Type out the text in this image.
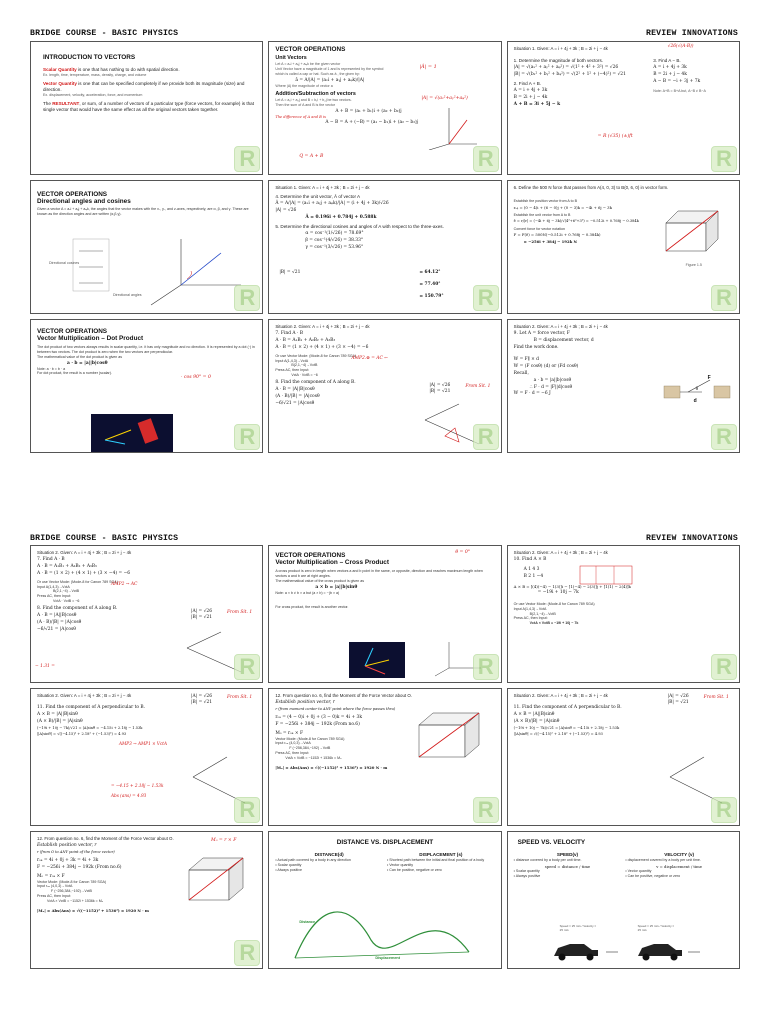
BRIDGE COURSE - BASIC PHYSICS	REVIEW INNOVATIONS
INTRODUCTION TO VECTORS
Scalar Quantity is one that has nothing to do with spatial direction.
Ex. length, time, temperature, mass, density, charge, and volume
Vector Quantity is one that can be specified completely if we provide both its magnitude (size) and direction.
Ex. displacement, velocity, acceleration, force, and momentum
The RESULTANT, or sum, of a number of vectors of a particular type (force vectors, for example) is that single vector that would have the same effect as all the original vectors taken together.
R
VECTOR OPERATIONS
Unit Vectors
Let A = aₓi + aᵧj + aᵩk be the given vector
Unit Vector have a magnitude of 1 and is represented by the symbol
which is called a cap or hat. Such as â , the given by:
â = A/|A| = (aₓi + aᵧj + aᵩk)/|A|
Where |A| the magnitude of vector a
Addition/Subtraction of vectors
Let A = a₁i + a₂j and B = b₁i + b₂j be two vectors.
Then the sum of A and B is the vector
A + B = (a₁ + b₁)i + (a₂ + b₂)j
The difference of A and B is
A − B = A + (−B) = (a₁ − b₁)i + (a₂ − b₂)j
|Â| = 1
|A| = √(aₓ²+aᵧ²+aᵩ²)
Q = A + B	R
Situation 1. Given: A = i + 4j + 3k ; B = 2i + j − 4k
1. Determine the magnitude of both vectors.
|A| = √(aₓ² + aᵧ² + aᵩ²) = √(1² + 4² + 3²) = √26
|B| = √(bₓ² + bᵧ² + bᵩ²) = √(2² + 1² + (−4)²) = √21
2. Find A + B.
A = i + 4j + 3k
B = 2i + j − 4k
A + B = 3i + 5j − k
3. Find A − B.
A = i + 4j + 3k
B = 2i + j − 4k
A − B = −i + 3j + 7k
Note: A+B = B+A but, A−B ≠ B−A
√26(√(A·B))
= R (√35) (±)ft
R
VECTOR OPERATIONS
Directional angles and cosines
Given a vector A = aₓi + aᵧj + aᵩk, the angles that the vector makes with the x-, y-, and z-axes, respectively, are α, β, and γ. These are known as the direction angles and are written (α,β,γ).
Directional cosines
Directional angles	R
Situation 1. Given: A = i + 4j + 3k ; B = 2i + j − 4k
4. Determine the unit vector, Â of vector A
Â = A/|A| = (aₓi + aᵧj + aᵩk)/|A| = (i + 4j + 3k)/√26
|A| = √26
Â = 0.196i + 0.784j + 0.588k
5. Determine the directional cosines and angles of A with respect to the three-axes.
α = cos⁻¹(1/√26) = 78.69°
β = cos⁻¹(4/√26) = 38.33°
γ = cos⁻¹(3/√26) = 53.96°
|B| = √21	= 64.12°
= 77.40°
= 150.79° R
6. Define the 500 N force that passes from A(4, 0, 3) to B(0, 6, 0) in vector form.
Establish the position vector from A to B
rₐᵦ = (0 − 4)i + (6 − 0)j + (0 − 3)k = −4i + 6j − 3k
Establish the unit vector from A to B
ê = r/|r| = (−4i + 6j − 3k)/√(4²+6²+3²) = −0.512i + 0.768j − 0.384k
Convert force for vector notation
F = F(ê) = 500N(−0.512i + 0.768j − 0.384k)
= −256i + 384j − 192k N
Figure 1.5
R
VECTOR OPERATIONS
Vector Multiplication – Dot Product
The dot product of two vectors always results in scalar quantity, i.e. it has only magnitude and no direction. It is represented by a dot (·) in between two vectors. The dot product is zero when the two vectors are perpendicular.
The mathematical value of the dot product is given as
a · b = |a||b|cosθ
Note: a · b = b · a
For dot product, the result is a number (scalar).
· cos 90° = 0
R
Situation 2. Given: A = i + 4j + 3k ; B = 2i + j − 4k
7. Find A · B
A · B = A₁B₁ + A₂B₂ + A₃B₃
A · B = (1 × 2) + (4 × 1) + (3 × −4) = −6
Or use Vector Mode: (Mode-8 for Canon 789 SGA)
Input A(1,4,3)→VctA
B(2,1,−4)→VctB
Press AC, then Input:
VctA · VctB = −6
8. Find the component of A along B.
A · B = |A||B|cosθ
(A · B)/|B| = |A|cosθ
−6/√21 = |A|cosθ
|A| = √26
|B| = √21
From Sit. 1
AMP2.⊗ = AC ←
R
Situation 2. Given: A = i + 4j + 3k ; B = 2i + j − 4k
9. Let A = force vector, F
B = displacement vector, d
Find the work done.
W = F∥ × d
W = (F cosθ) (d) or (Fd cosθ)
Recall,
a · b = |a||b|cosθ
∴ F · d = |F||d|cosθ
W = F · d = −6 J
F
θ
d
R
BRIDGE COURSE - BASIC PHYSICS	REVIEW INNOVATIONS
Situation 2. Given: A = i + 4j + 3k ; B = 2i + j − 4k
7. Find A · B
A · B = A₁B₁ + A₂B₂ + A₃B₃
A · B = (1 × 2) + (4 × 1) + (3 × −4) = −6
Or use Vector Mode: (Mode-8 for Canon 789 SGA)
Input A(1,4,3)→VctA
B(2,1,−4)→VctB
Press AC, then Input:
VctA · VctB = −6
8. Find the component of A along B.
A · B = |A||B|cosθ
(A · B)/|B| = |A|cosθ
−6/√21 = |A|cosθ
|A| = √26
|B| = √21
From Sit. 1
AMP2 → AC
− 1.31 =	R
VECTOR OPERATIONS
Vector Multiplication – Cross Product
A cross product is zero in length when vectors a and b point in the same, or opposite, direction and reaches maximum length when vectors a and b are at right angles.
The mathematical value of the cross product is given as
a × b = |a||b|sinθ
Note: a × b ≠ b × a but (a × b) = −(b × a)
For cross product, the result is another vector.
θ = 0°
R
Situation 2. Given: A = i + 4j + 3k ; B = 2i + j − 4k
10. Find A × B
A 1 4 3
B 2 1 −4
A × B = [(4)(−4) − 1(3)]i − [1(−4) − 2(3)]j + [1(1) − 2(4)]k
= −19i + 10j − 7k
Or use Vector Mode: (Mode-8 for Canon 789 SGA)
Input A(1,4,3)→VctA
B(2,1,−4)→VctB
Press AC, then Input:
VctA × VctB = −19i + 10j − 7k
R
Situation 2. Given: A = i + 4j + 3k ; B = 2i + j − 4k
11. Find the component of A perpendicular to B.
A × B = |A||B|sinθ
(A × B)/|B| = |A|sinθ
(−19i + 10j − 7k)/√21 = |A|sinθ = −4.15i + 2.18j − 1.53k
||A|sinθ| = √((−4.15)² + 2.18² + (−1.53)²) = 4.93
|A| = √26
|B| = √21
From Sit. 1
AMP3 → AMP1 × VctA
= −4.15 + 2.18j − 1.53k
Abs (ans) = 4.93
R
12. From question no. 6, find the Moment of the Force Vector about O.
Establish position vector, r
r (from moment center to ANY point where the force passes thru)
rₒₐ = (4 − 0)i + 0j + (3 − 0)k = 4i + 3k
F = −256i + 384j − 192k (From no.6)
Mₒ = rₒₐ × F
Vector Mode: (Mode-8 for Canon 789 SGA)
Input rₒₐ (4,0,3)→VctA
F (−256,384,−192)→VctB
Press AC, then Input:
VctA × VctB = −1152i + 1536k = Mₒ
|Mₒ| = Abs(Ans) = √((−1152)² + 1536²) = 1920 N · m
R
Situation 2. Given: A = i + 4j + 3k ; B = 2i + j − 4k
11. Find the component of A perpendicular to B.
A × B = |A||B|sinθ
(A × B)/|B| = |A|sinθ
(−19i + 10j − 7k)/√21 = |A|sinθ = −4.15i + 2.18j − 1.53k
||A|sinθ| = √((−4.15)² + 2.18² + (−1.53)²) = 4.93
|A| = √26
|B| = √21
From Sit. 1
R
12. From question no. 6, find the Moment of the Force Vector about O.
Establish position vector, r
r (from O to ANY point of the force vector)
rₒₐ = 4i + 0j + 3k = 4i + 3k
F = −256i + 384j − 192k (From no.6)
Mₒ = rₒₐ × F
Vector Mode: (Mode-8 for Canon 789 SGA)
Input rₒₐ (4,0,3)→VctA
F (−256,384,−192)→VctB
Press AC, then Input:
VctA × VctB = −1152i + 1536k = Mₒ
|Mₒ| = Abs(Ans) = √((−1152)² + 1536²) = 1920 N · m
Mₒ = r × F
R
DISTANCE VS. DISPLACEMENT
DISTANCE(d)
• Actual path covered by a body in any direction
• Scalar quantity
• Always positive
DISPLACEMENT (s)
• Shortest path between the initial and final position of a body
• Vector quantity
• Can be positive, negative or zero
Distance
Displacement
SPEED VS. VELOCITY
SPEED(v)
• distance covered by a body per unit time.
speed = distance / time
• Scalar quantity
• Always positive
VELOCITY (v)
• displacement covered by a body per unit time.
v = displacement / time
• Vector quantity
• Can be positive, negative or zero
Speed = 25 m/s / Velocity = 25 m/s
Speed = 25 m/s / Velocity = 25 m/s
